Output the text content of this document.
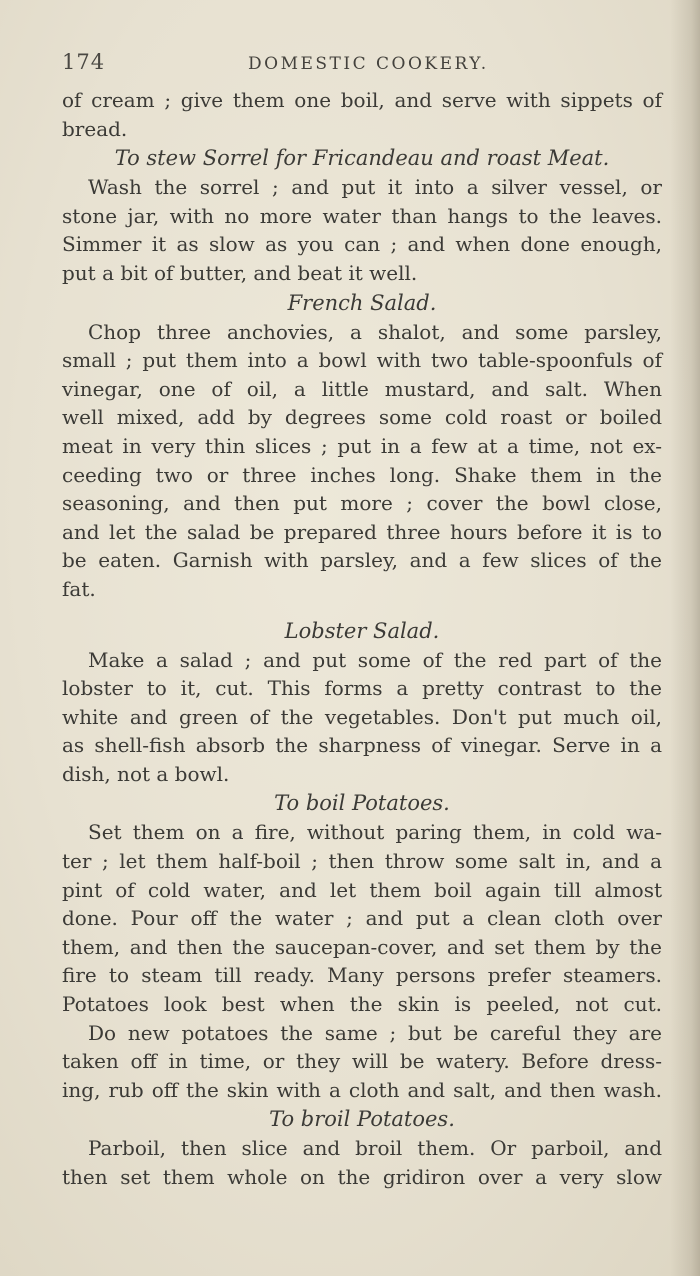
174	DOMESTIC COOKERY.
of cream ; give them one boil, and serve with sippets of
bread.
To stew Sorrel for Fricandeau and roast Meat.
Wash the sorrel ; and put it into a silver vessel, or
stone jar, with no more water than hangs to the leaves.
Simmer it as slow as you can ; and when done enough,
put a bit of butter, and beat it well.
French Salad.
Chop three anchovies, a shalot, and some parsley,
small ; put them into a bowl with two table-spoonfuls of
vinegar, one of oil, a little mustard, and salt. When
well mixed, add by degrees some cold roast or boiled
meat in very thin slices ; put in a few at a time, not ex-
ceeding two or three inches long. Shake them in the
seasoning, and then put more ; cover the bowl close,
and let the salad be prepared three hours before it is to
be eaten. Garnish with parsley, and a few slices of the
fat.
Lobster Salad.
Make a salad ; and put some of the red part of the
lobster to it, cut. This forms a pretty contrast to the
white and green of the vegetables. Don't put much oil,
as shell-fish absorb the sharpness of vinegar. Serve in a
dish, not a bowl.
To boil Potatoes.
Set them on a fire, without paring them, in cold wa-
ter ; let them half-boil ; then throw some salt in, and a
pint of cold water, and let them boil again till almost
done. Pour off the water ; and put a clean cloth over
them, and then the saucepan-cover, and set them by the
fire to steam till ready. Many persons prefer steamers.
Potatoes look best when the skin is peeled, not cut.
Do new potatoes the same ; but be careful they are
taken off in time, or they will be watery. Before dress-
ing, rub off the skin with a cloth and salt, and then wash.
To broil Potatoes.
Parboil, then slice and broil them. Or parboil, and
then set them whole on the gridiron over a very slow
